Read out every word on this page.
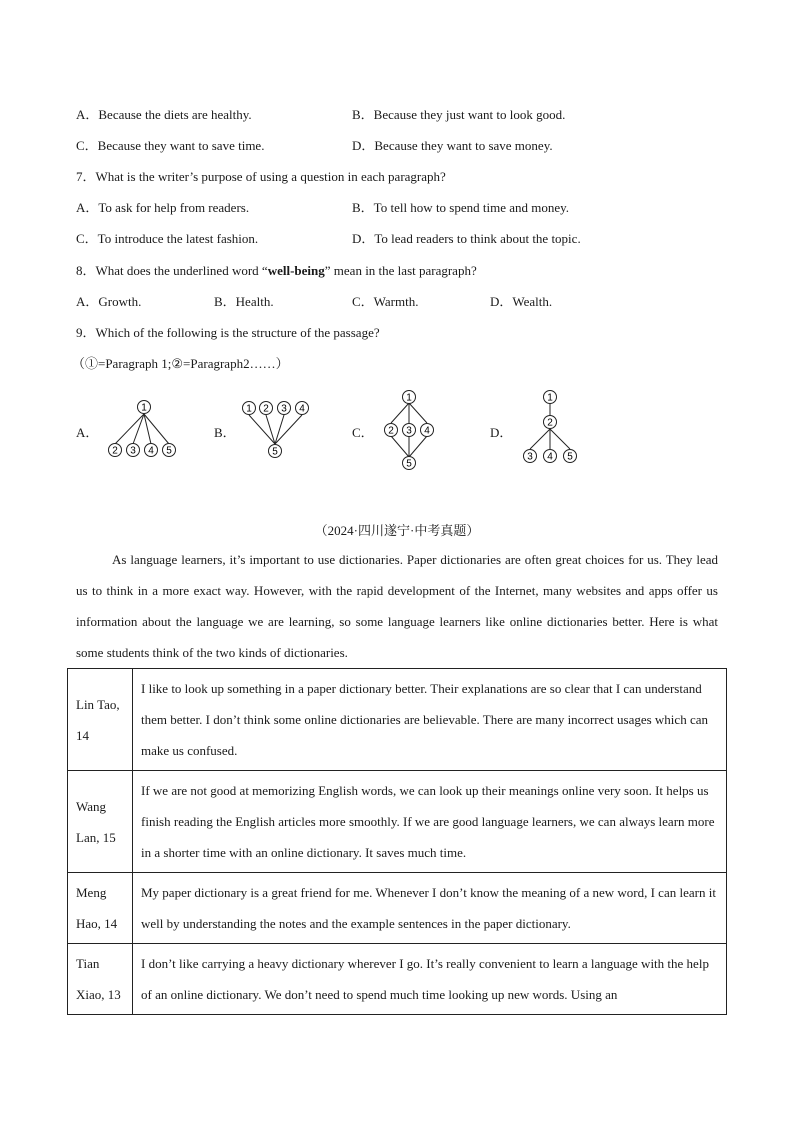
A．Because the diets are healthy.	B．Because they just want to look good.
C．Because they want to save time.	D．Because they want to save money.
7．What is the writer’s purpose of using a question in each paragraph?
A．To ask for help from readers.	B．To tell how to spend time and money.
C．To introduce the latest fashion.	D．To lead readers to think about the topic.
8．What does the underlined word “well-being” mean in the last paragraph?
A．Growth.	B．Health.	C．Warmth.	D．Wealth.
9．Which of the following is the structure of the passage?
（①=Paragraph 1;②=Paragraph2……）
A．	B．	C．	D．
1
2 3 4 5
1 2 3 4
5
1
2 3 4
5
1
2
3 4 5
（2024·四川遂宁·中考真题）
As language learners, it’s important to use dictionaries. Paper dictionaries are often great choices for us. They lead us to think in a more exact way. However, with the rapid development of the Internet, many websites and apps offer us information about the language we are learning, so some language learners like online dictionaries better. Here is what some students think of the two kinds of dictionaries.
Lin Tao, 14	I like to look up something in a paper dictionary better. Their explanations are so clear that I can understand them better. I don’t think some online dictionaries are believable. There are many incorrect usages which can make us confused.
Wang Lan, 15	If we are not good at memorizing English words, we can look up their meanings online very soon. It helps us finish reading the English articles more smoothly. If we are good language learners, we can always learn more in a shorter time with an online dictionary. It saves much time.
Meng Hao, 14	My paper dictionary is a great friend for me. Whenever I don’t know the meaning of a new word, I can learn it well by understanding the notes and the example sentences in the paper dictionary.
Tian Xiao, 13	I don’t like carrying a heavy dictionary wherever I go. It’s really convenient to learn a language with the help of an online dictionary. We don’t need to spend much time looking up new words. Using an
